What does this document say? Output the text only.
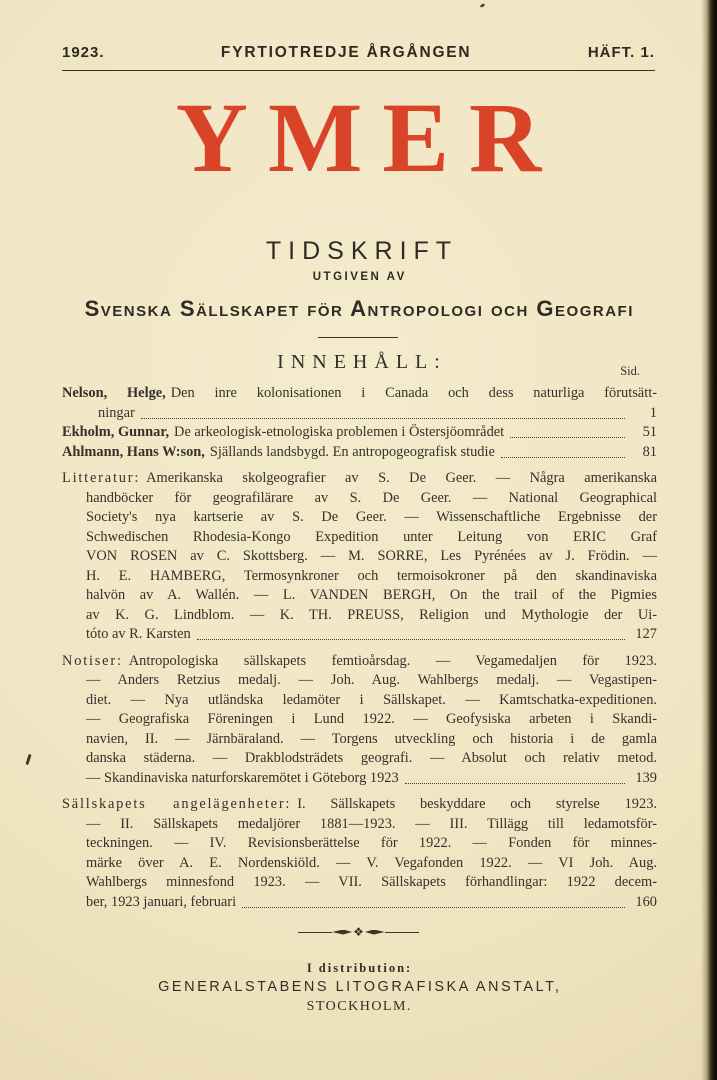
1923.	FYRTIOTREDJE ÅRGÅNGEN	HÄFT. 1.
YMER
TIDSKRIFT
UTGIVEN AV
Svenska Sällskapet för Antropologi och Geografi
INNEHÅLL:	Sid.
Nelson, Helge, Den inre kolonisationen i Canada och dess naturliga förutsätt-
ningar	1
Ekholm, Gunnar, De arkeologisk-etnologiska problemen i Östersjöområdet	51
Ahlmann, Hans W:son, Själlands landsbygd. En antropogeografisk studie	81
Litteratur: Amerikanska skolgeografier av S. De Geer. — Några amerikanska
handböcker för geografilärare av S. De Geer. — National Geographical
Society's nya kartserie av S. De Geer. — Wissenschaftliche Ergebnisse der
Schwedischen Rhodesia-Kongo Expedition unter Leitung von ERIC Graf
VON ROSEN av C. Skottsberg. — M. SORRE, Les Pyrénées av J. Frödin. —
H. E. HAMBERG, Termosynkroner och termoisokroner på den skandinaviska
halvön av A. Wallén. — L. VANDEN BERGH, On the trail of the Pigmies
av K. G. Lindblom. — K. TH. PREUSS, Religion und Mythologie der Ui-
tóto av R. Karsten	127
Notiser: Antropologiska sällskapets femtioårsdag. — Vegamedaljen för 1923.
— Anders Retzius medalj. — Joh. Aug. Wahlbergs medalj. — Vegastipen-
diet. — Nya utländska ledamöter i Sällskapet. — Kamtschatka-expeditionen.
— Geografiska Föreningen i Lund 1922. — Geofysiska arbeten i Skandi-
navien, II. — Järnbäraland. — Torgens utveckling och historia i de gamla
danska städerna. — Drakblodsträdets geografi. — Absolut och relativ metod.
— Skandinaviska naturforskaremötet i Göteborg 1923	139
Sällskapets angelägenheter: I. Sällskapets beskyddare och styrelse 1923.
— II. Sällskapets medaljörer 1881—1923. — III. Tillägg till ledamotsför-
teckningen. — IV. Revisionsberättelse för 1922. — Fonden för minnes-
märke över A. E. Nordenskiöld. — V. Vegafonden 1922. — VI Joh. Aug.
Wahlbergs minnesfond 1923. — VII. Sällskapets förhandlingar: 1922 decem-
ber, 1923 januari, februari	160
❖
I distribution:
GENERALSTABENS LITOGRAFISKA ANSTALT,
STOCKHOLM.
